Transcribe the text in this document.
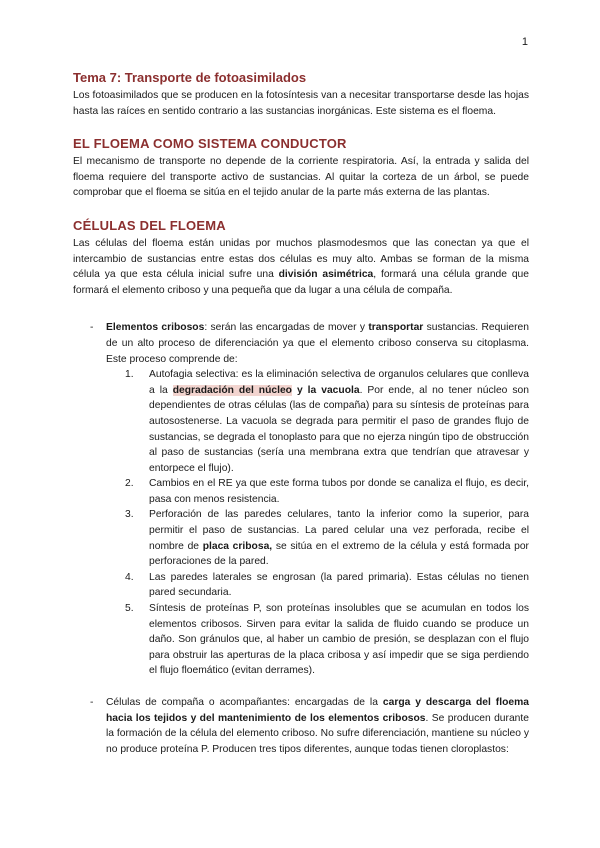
1
Tema 7: Transporte de fotoasimilados

Los fotoasimilados que se producen en la fotosíntesis van a necesitar transportarse desde las hojas hasta las raíces en sentido contrario a las sustancias inorgánicas. Este sistema es el floema.

EL FLOEMA COMO SISTEMA CONDUCTOR

El mecanismo de transporte no depende de la corriente respiratoria. Así, la entrada y salida del floema requiere del transporte activo de sustancias. Al quitar la corteza de un árbol, se puede comprobar que el floema se sitúa en el tejido anular de la parte más externa de las plantas.

CÉLULAS DEL FLOEMA

Las células del floema están unidas por muchos plasmodesmos que las conectan ya que el intercambio de sustancias entre estas dos células es muy alto. Ambas se forman de la misma célula ya que esta célula inicial sufre una división asimétrica, formará una célula grande que formará el elemento criboso y una pequeña que da lugar a una célula de compaña.

- Elementos cribosos: serán las encargadas de mover y transportar sustancias. Requieren de un alto proceso de diferenciación ya que el elemento criboso conserva su citoplasma. Este proceso comprende de:
1. Autofagia selectiva: es la eliminación selectiva de organulos celulares que conlleva a la degradación del núcleo y la vacuola. Por ende, al no tener núcleo son dependientes de otras células (las de compaña) para su síntesis de proteínas para autosostenerse. La vacuola se degrada para permitir el paso de grandes flujo de sustancias, se degrada el tonoplasto para que no ejerza ningún tipo de obstrucción al paso de sustancias (sería una membrana extra que tendrían que atravesar y entorpece el flujo).
2. Cambios en el RE ya que este forma tubos por donde se canaliza el flujo, es decir, pasa con menos resistencia.
3. Perforación de las paredes celulares, tanto la inferior como la superior, para permitir el paso de sustancias. La pared celular una vez perforada, recibe el nombre de placa cribosa, se sitúa en el extremo de la célula y está formada por perforaciones de la pared.
4. Las paredes laterales se engrosan (la pared primaria). Estas células no tienen pared secundaria.
5. Síntesis de proteínas P, son proteínas insolubles que se acumulan en todos los elementos cribosos. Sirven para evitar la salida de fluido cuando se produce un daño. Son gránulos que, al haber un cambio de presión, se desplazan con el flujo para obstruir las aperturas de la placa cribosa y así impedir que se siga perdiendo el flujo floemático (evitan derrames).
- Células de compaña o acompañantes: encargadas de la carga y descarga del floema hacia los tejidos y del mantenimiento de los elementos cribosos. Se producen durante la formación de la célula del elemento criboso. No sufre diferenciación, mantiene su núcleo y no produce proteína P. Producen tres tipos diferentes, aunque todas tienen cloroplastos:
